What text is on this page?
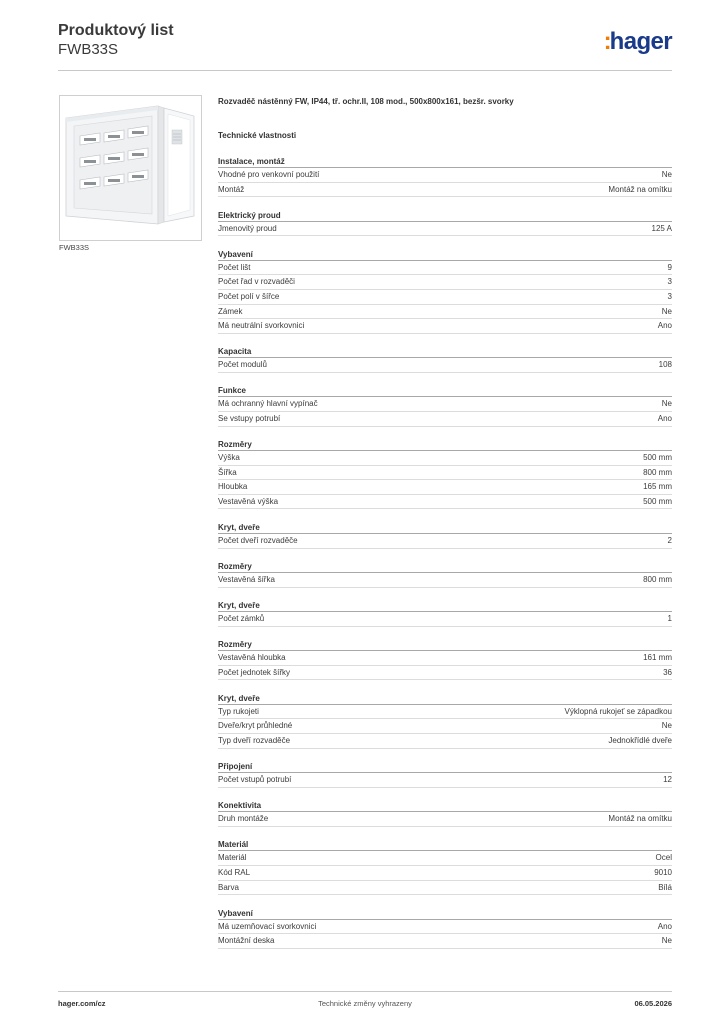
Produktový list
FWB33S	:hager
FWB33S
Rozvaděč nástěnný FW, IP44, tř. ochr.II, 108 mod., 500x800x161, bezšr. svorky
Technické vlastnosti
Instalace, montáž
Vhodné pro venkovní použití	Ne
Montáž	Montáž na omítku
Elektrický proud
Jmenovitý proud	125 A
Vybavení
Počet lišt	9
Počet řad v rozvaděči	3
Počet polí v šířce	3
Zámek	Ne
Má neutrální svorkovnici	Ano
Kapacita
Počet modulů	108
Funkce
Má ochranný hlavní vypínač	Ne
Se vstupy potrubí	Ano
Rozměry
Výška	500 mm
Šířka	800 mm
Hloubka	165 mm
Vestavěná výška	500 mm
Kryt, dveře
Počet dveří rozvaděče	2
Rozměry
Vestavěná šířka	800 mm
Kryt, dveře
Počet zámků	1
Rozměry
Vestavěná hloubka	161 mm
Počet jednotek šířky	36
Kryt, dveře
Typ rukojeti	Výklopná rukojeť se západkou
Dveře/kryt průhledné	Ne
Typ dveří rozvaděče	Jednokřídlé dveře
Připojení
Počet vstupů potrubí	12
Konektivita
Druh montáže	Montáž na omítku
Materiál
Materiál	Ocel
Kód RAL	9010
Barva	Bílá
Vybavení
Má uzemňovací svorkovnici	Ano
Montážní deska	Ne
hager.com/cz	Technické změny vyhrazeny	06.05.2026
